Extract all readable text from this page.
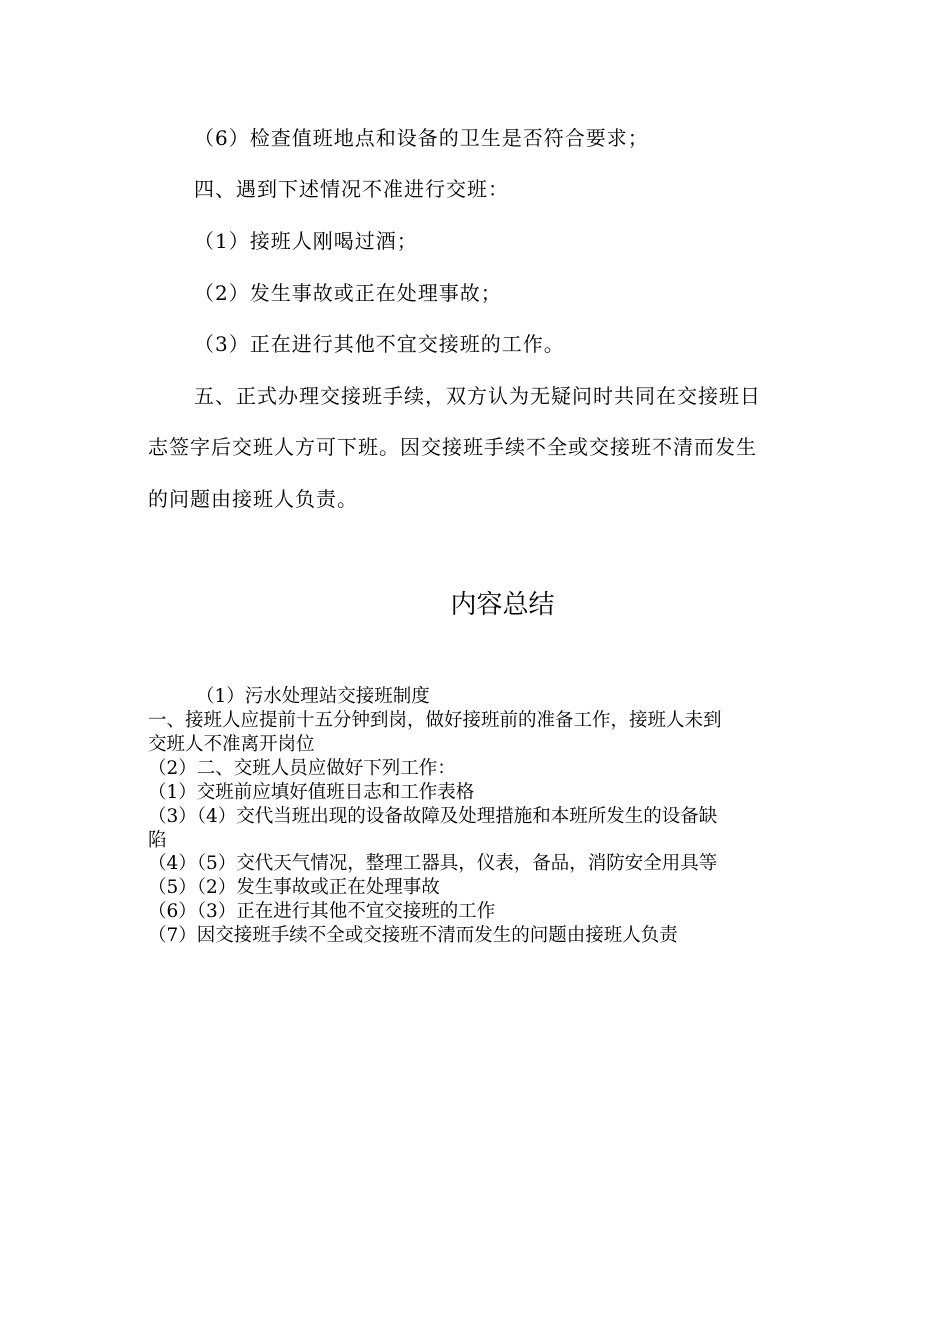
（6）检查值班地点和设备的卫生是否符合要求；
四、遇到下述情况不准进行交班：
（1）接班人刚喝过酒；
（2）发生事故或正在处理事故；
（3）正在进行其他不宜交接班的工作。
五、正式办理交接班手续，双方认为无疑问时共同在交接班日
志签字后交班人方可下班。因交接班手续不全或交接班不清而发生
的问题由接班人负责。
内容总结
（1）污水处理站交接班制度
一、接班人应提前十五分钟到岗，做好接班前的准备工作，接班人未到
交班人不准离开岗位
（2）二、交班人员应做好下列工作：
（1）交班前应填好值班日志和工作表格
（3）（4）交代当班出现的设备故障及处理措施和本班所发生的设备缺
陷
（4）（5）交代天气情况，整理工器具，仪表，备品，消防安全用具等
（5）（2）发生事故或正在处理事故
（6）（3）正在进行其他不宜交接班的工作
（7）因交接班手续不全或交接班不清而发生的问题由接班人负责
